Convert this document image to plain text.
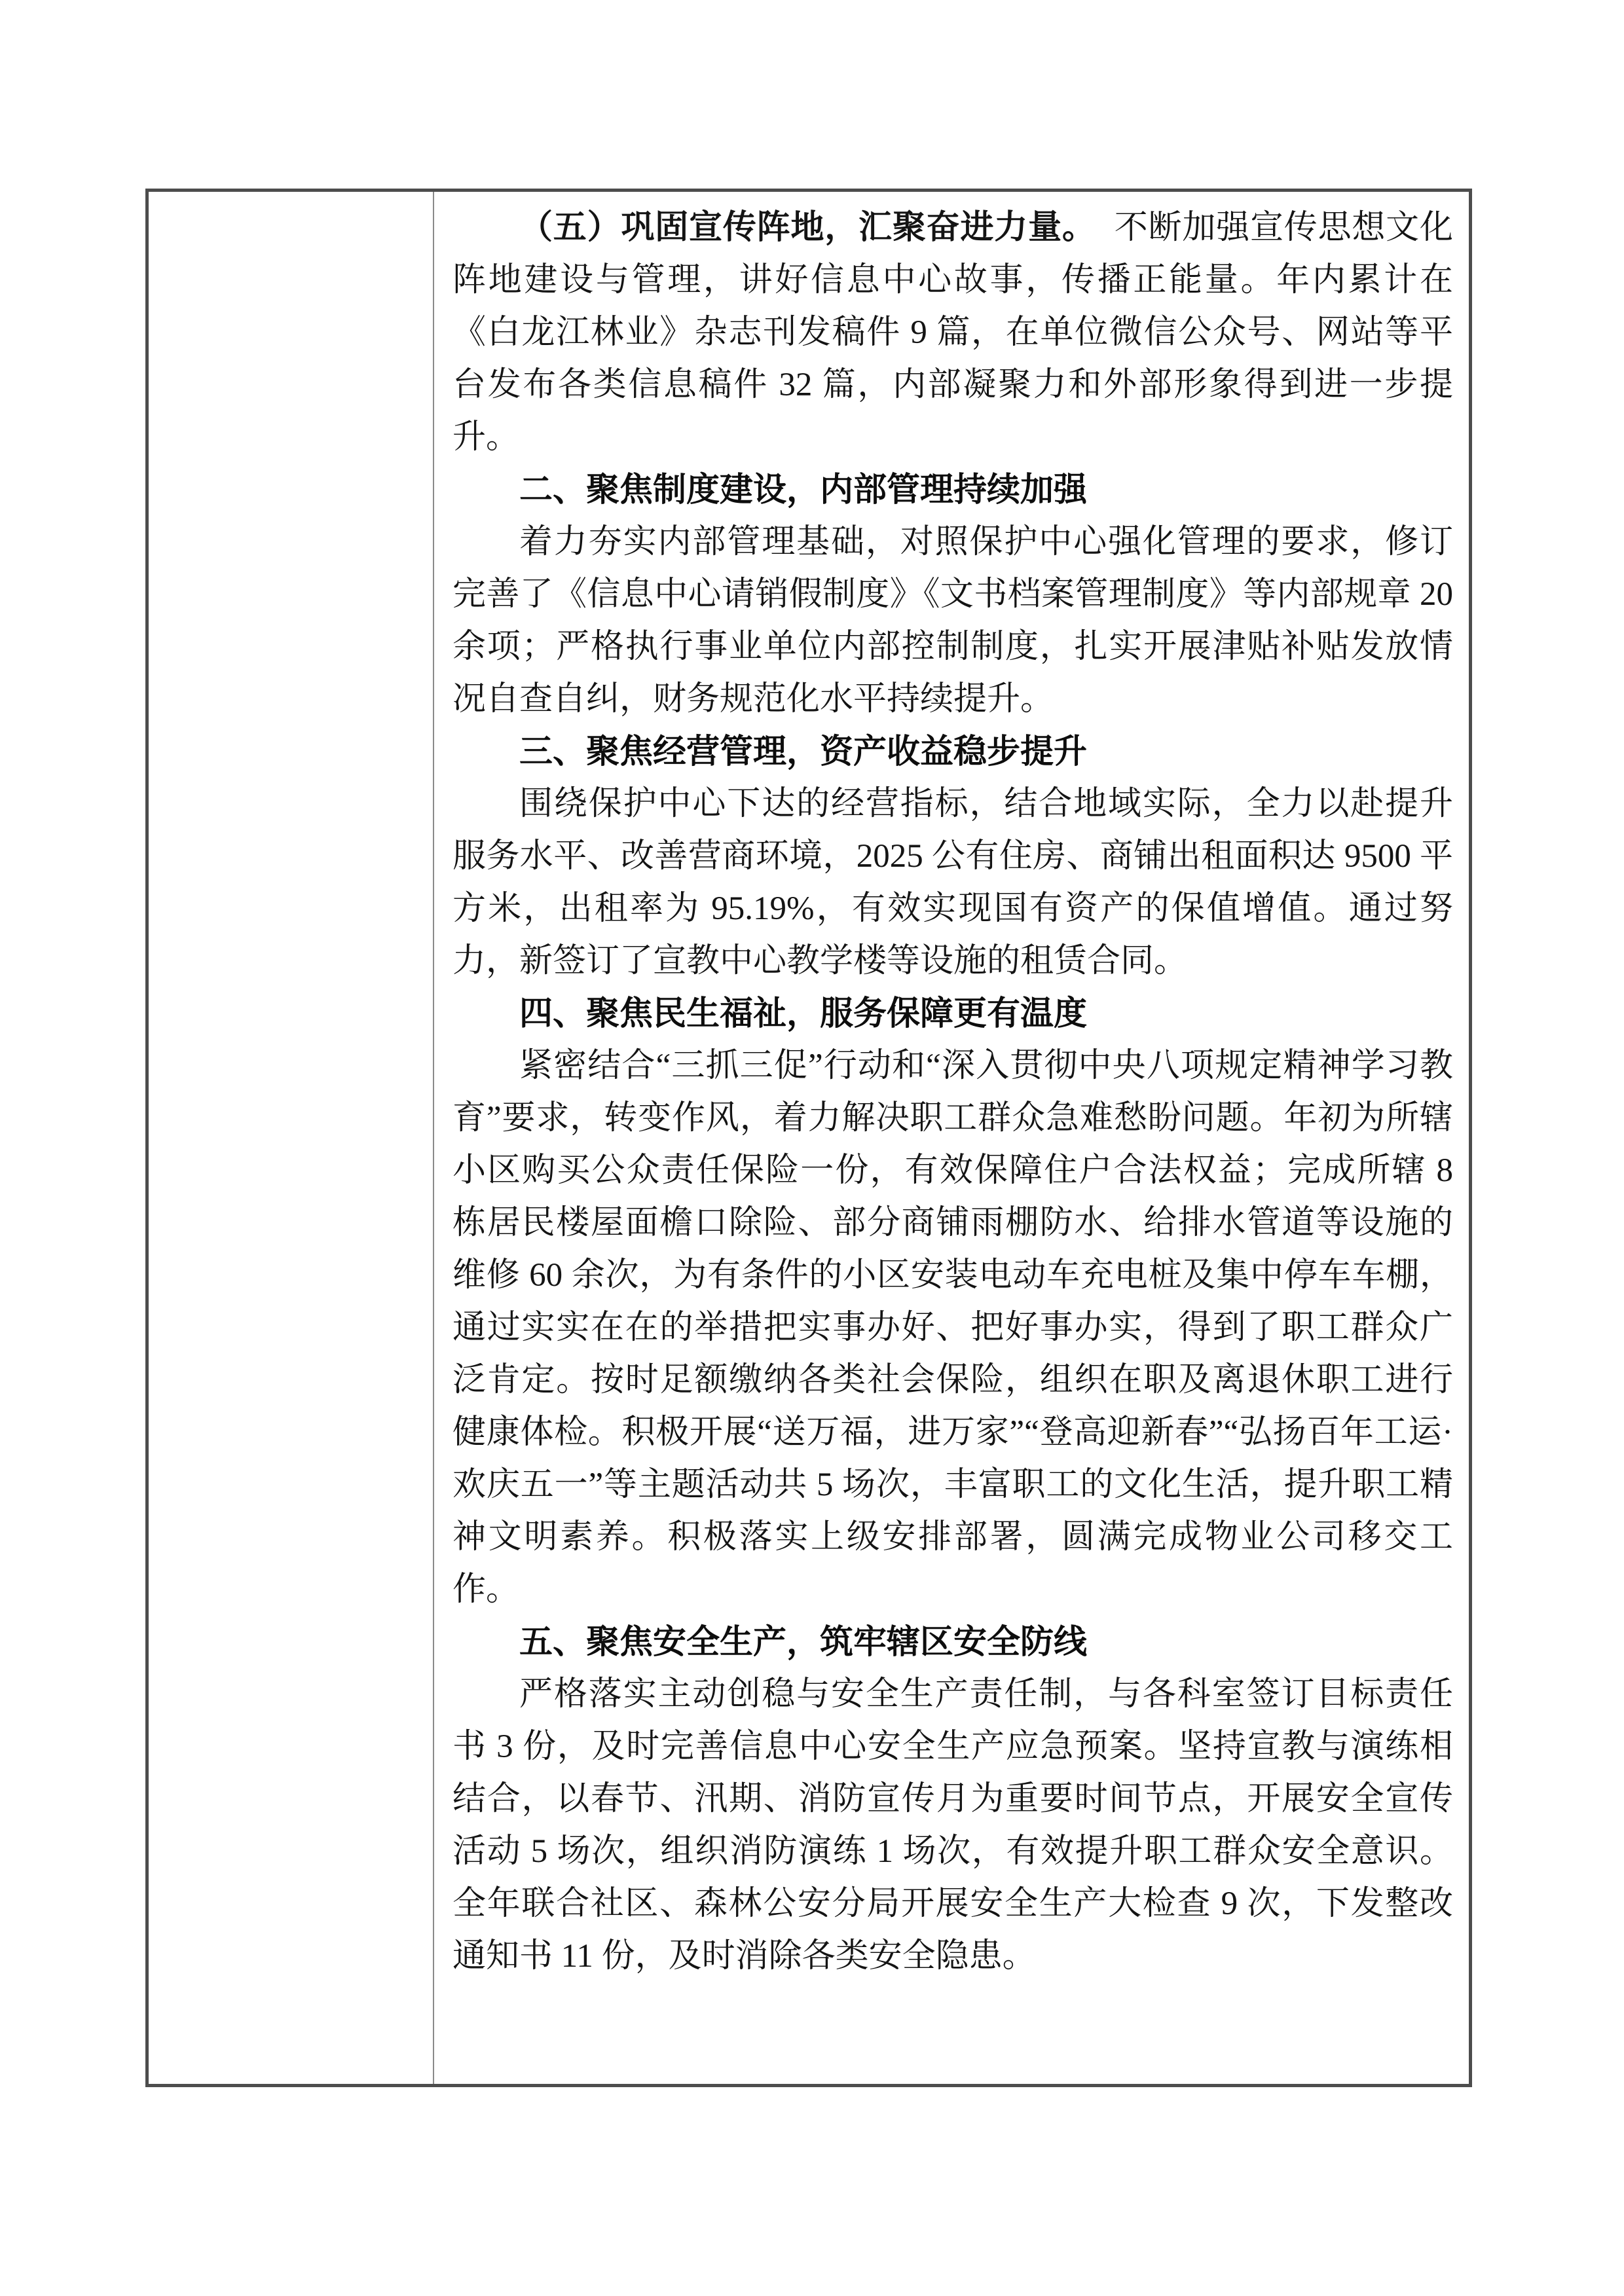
（五）巩固宣传阵地，汇聚奋进力量。 不断加强宣传思想文化阵地建设与管理，讲好信息中心故事，传播正能量。年内累计在《白龙江林业》杂志刊发稿件 9 篇，在单位微信公众号、网站等平台发布各类信息稿件 32 篇，内部凝聚力和外部形象得到进一步提升。

二、聚焦制度建设，内部管理持续加强

着力夯实内部管理基础，对照保护中心强化管理的要求，修订完善了《信息中心请销假制度》《文书档案管理制度》等内部规章 20 余项；严格执行事业单位内部控制制度，扎实开展津贴补贴发放情况自查自纠，财务规范化水平持续提升。

三、聚焦经营管理，资产收益稳步提升

围绕保护中心下达的经营指标，结合地域实际，全力以赴提升服务水平、改善营商环境，2025 公有住房、商铺出租面积达 9500 平方米，出租率为 95.19%，有效实现国有资产的保值增值。通过努力，新签订了宣教中心教学楼等设施的租赁合同。

四、聚焦民生福祉，服务保障更有温度

紧密结合“三抓三促”行动和“深入贯彻中央八项规定精神学习教育”要求，转变作风，着力解决职工群众急难愁盼问题。年初为所辖小区购买公众责任保险一份，有效保障住户合法权益；完成所辖 8 栋居民楼屋面檐口除险、部分商铺雨棚防水、给排水管道等设施的维修 60 余次，为有条件的小区安装电动车充电桩及集中停车车棚，通过实实在在的举措把实事办好、把好事办实，得到了职工群众广泛肯定。按时足额缴纳各类社会保险，组织在职及离退休职工进行健康体检。积极开展“送万福，进万家”“登高迎新春”“弘扬百年工运·欢庆五一”等主题活动共 5 场次，丰富职工的文化生活，提升职工精神文明素养。积极落实上级安排部署，圆满完成物业公司移交工作。

五、聚焦安全生产，筑牢辖区安全防线

严格落实主动创稳与安全生产责任制，与各科室签订目标责任书 3 份，及时完善信息中心安全生产应急预案。坚持宣教与演练相结合，以春节、汛期、消防宣传月为重要时间节点，开展安全宣传活动 5 场次，组织消防演练 1 场次，有效提升职工群众安全意识。全年联合社区、森林公安分局开展安全生产大检查 9 次，下发整改通知书 11 份，及时消除各类安全隐患。
